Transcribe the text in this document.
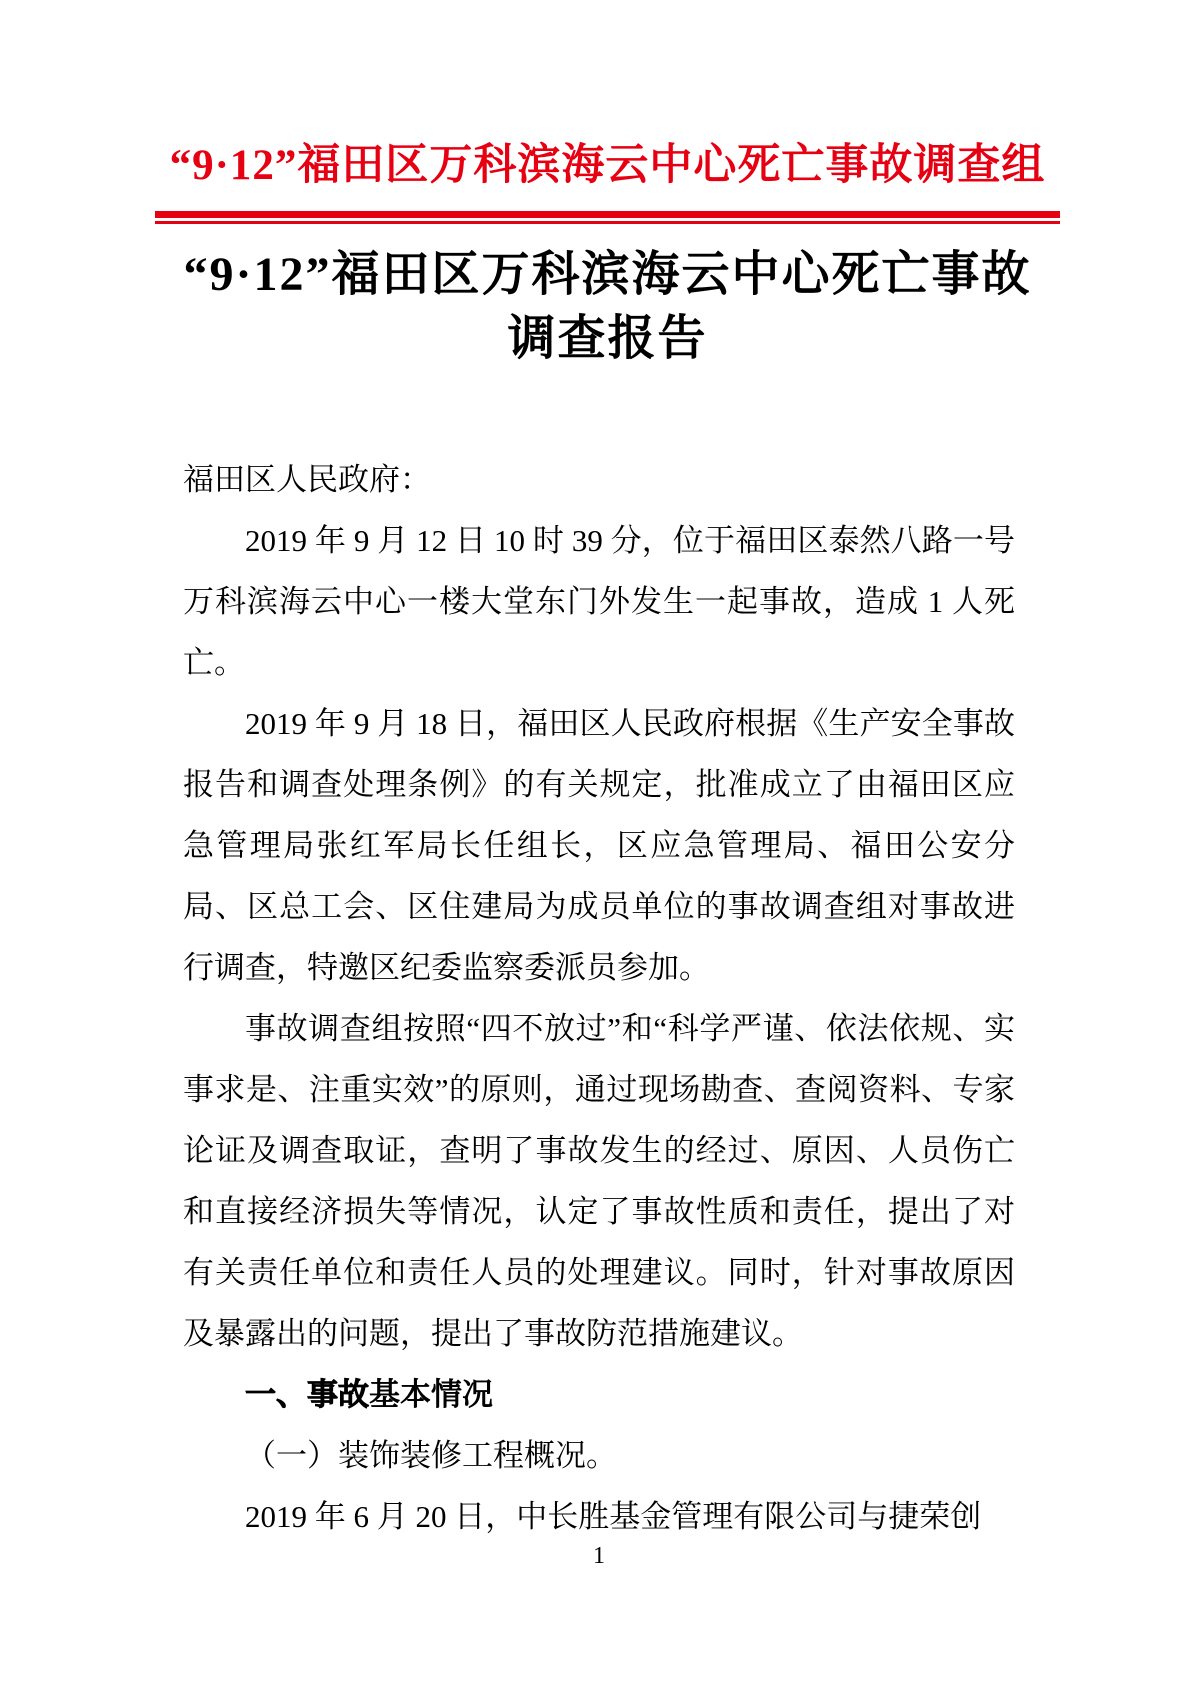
“9·12”福田区万科滨海云中心死亡事故调查组
“9·12”福田区万科滨海云中心死亡事故
调查报告

福田区人民政府：

2019 年 9 月 12 日 10 时 39 分，位于福田区泰然八路一号万科滨海云中心一楼大堂东门外发生一起事故，造成 1 人死亡。

2019 年 9 月 18 日，福田区人民政府根据《生产安全事故报告和调查处理条例》的有关规定，批准成立了由福田区应急管理局张红军局长任组长，区应急管理局、福田公安分局、区总工会、区住建局为成员单位的事故调查组对事故进行调查，特邀区纪委监察委派员参加。

事故调查组按照“四不放过”和“科学严谨、依法依规、实事求是、注重实效”的原则，通过现场勘查、查阅资料、专家论证及调查取证，查明了事故发生的经过、原因、人员伤亡和直接经济损失等情况，认定了事故性质和责任，提出了对有关责任单位和责任人员的处理建议。同时，针对事故原因及暴露出的问题，提出了事故防范措施建议。

一、事故基本情况

（一）装饰装修工程概况。

2019 年 6 月 20 日，中长胜基金管理有限公司与捷荣创

1
